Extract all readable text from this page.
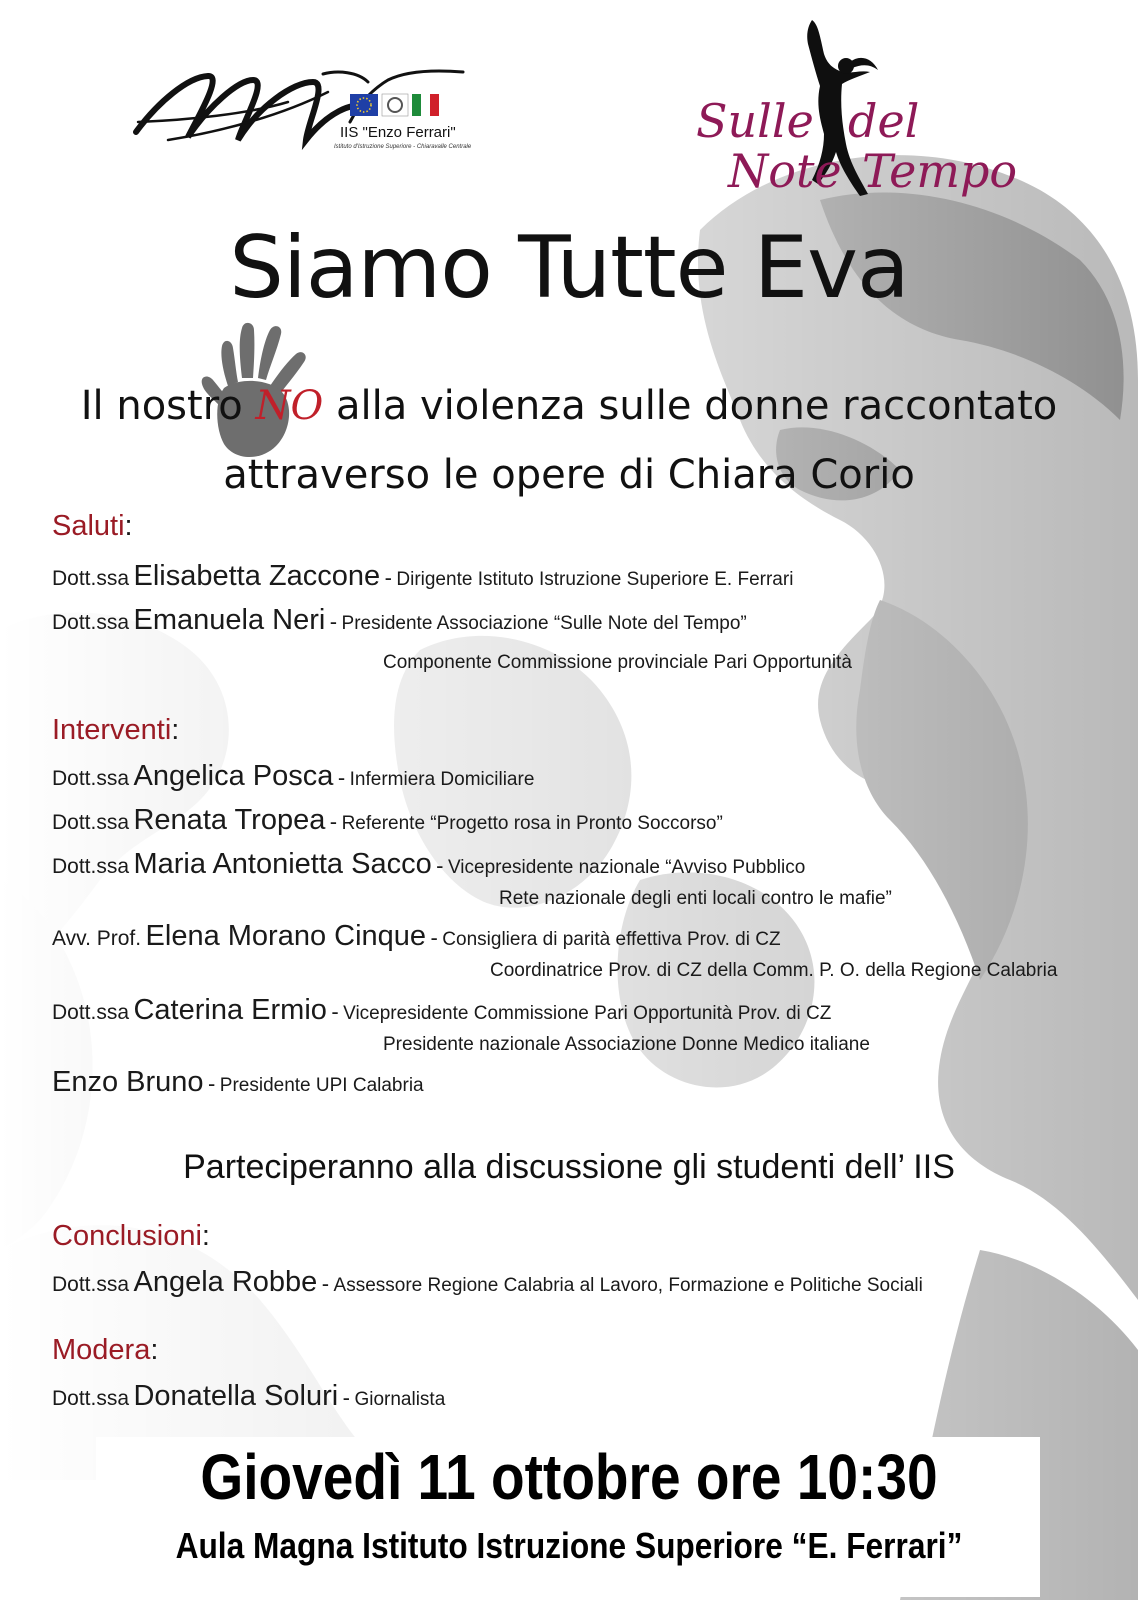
IIS "Enzo Ferrari"
Istituto d'Istruzione Superiore - Chiaravalle Centrale	Sulle del
Note Tempo
Siamo Tutte Eva
Il nostro NO alla violenza sulle donne raccontato
attraverso le opere di Chiara Corio
Saluti:
Dott.ssa Elisabetta Zaccone - Dirigente Istituto Istruzione Superiore E. Ferrari
Dott.ssa Emanuela Neri - Presidente Associazione “Sulle Note del Tempo”
Componente Commissione provinciale Pari Opportunità
Interventi:
Dott.ssa Angelica Posca - Infermiera Domiciliare
Dott.ssa Renata Tropea - Referente “Progetto rosa in Pronto Soccorso”
Dott.ssa Maria Antonietta Sacco - Vicepresidente nazionale “Avviso Pubblico
Rete nazionale degli enti locali contro le mafie”
Avv. Prof. Elena Morano Cinque - Consigliera di parità effettiva Prov. di CZ
Coordinatrice Prov. di CZ della Comm. P. O. della Regione Calabria
Dott.ssa Caterina Ermio - Vicepresidente Commissione Pari Opportunità Prov. di CZ
Presidente nazionale Associazione Donne Medico italiane
Enzo Bruno - Presidente UPI Calabria
Parteciperanno alla discussione gli studenti dell’ IIS
Conclusioni:
Dott.ssa Angela Robbe - Assessore Regione Calabria al Lavoro, Formazione e Politiche Sociali
Modera:
Dott.ssa Donatella Soluri - Giornalista
Giovedì 11 ottobre ore 10:30
Aula Magna Istituto Istruzione Superiore “E. Ferrari”
